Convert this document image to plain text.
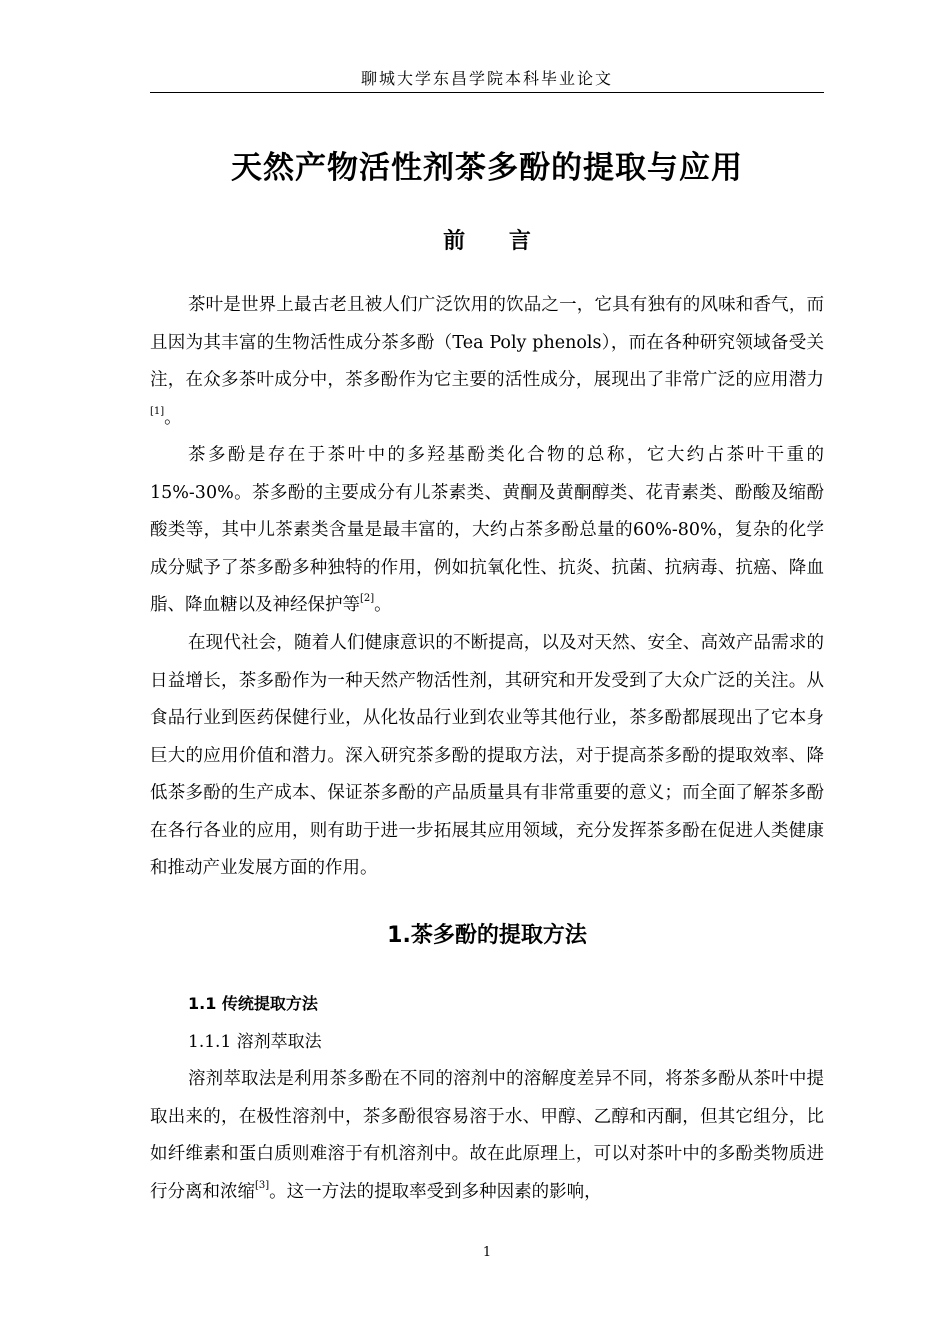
聊城大学东昌学院本科毕业论文
天然产物活性剂茶多酚的提取与应用
前 言

茶叶是世界上最古老且被人们广泛饮用的饮品之一，它具有独有的风味和香气，而且因为其丰富的生物活性成分茶多酚（Tea Poly phenols），而在各种研究领域备受关注，在众多茶叶成分中，茶多酚作为它主要的活性成分，展现出了非常广泛的应用潜力[1]。

茶多酚是存在于茶叶中的多羟基酚类化合物的总称，它大约占茶叶干重的15%-30%。茶多酚的主要成分有儿茶素类、黄酮及黄酮醇类、花青素类、酚酸及缩酚酸类等，其中儿茶素类含量是最丰富的，大约占茶多酚总量的60%-80%，复杂的化学成分赋予了茶多酚多种独特的作用，例如抗氧化性、抗炎、抗菌、抗病毒、抗癌、降血脂、降血糖以及神经保护等[2]。

在现代社会，随着人们健康意识的不断提高，以及对天然、安全、高效产品需求的日益增长，茶多酚作为一种天然产物活性剂，其研究和开发受到了大众广泛的关注。从食品行业到医药保健行业，从化妆品行业到农业等其他行业，茶多酚都展现出了它本身巨大的应用价值和潜力。深入研究茶多酚的提取方法，对于提高茶多酚的提取效率、降低茶多酚的生产成本、保证茶多酚的产品质量具有非常重要的意义；而全面了解茶多酚在各行各业的应用，则有助于进一步拓展其应用领域，充分发挥茶多酚在促进人类健康和推动产业发展方面的作用。

1.茶多酚的提取方法
1.1 传统提取方法
1.1.1 溶剂萃取法

溶剂萃取法是利用茶多酚在不同的溶剂中的溶解度差异不同，将茶多酚从茶叶中提取出来的，在极性溶剂中，茶多酚很容易溶于水、甲醇、乙醇和丙酮，但其它组分，比如纤维素和蛋白质则难溶于有机溶剂中。故在此原理上，可以对茶叶中的多酚类物质进行分离和浓缩[3]。这一方法的提取率受到多种因素的影响，

1
